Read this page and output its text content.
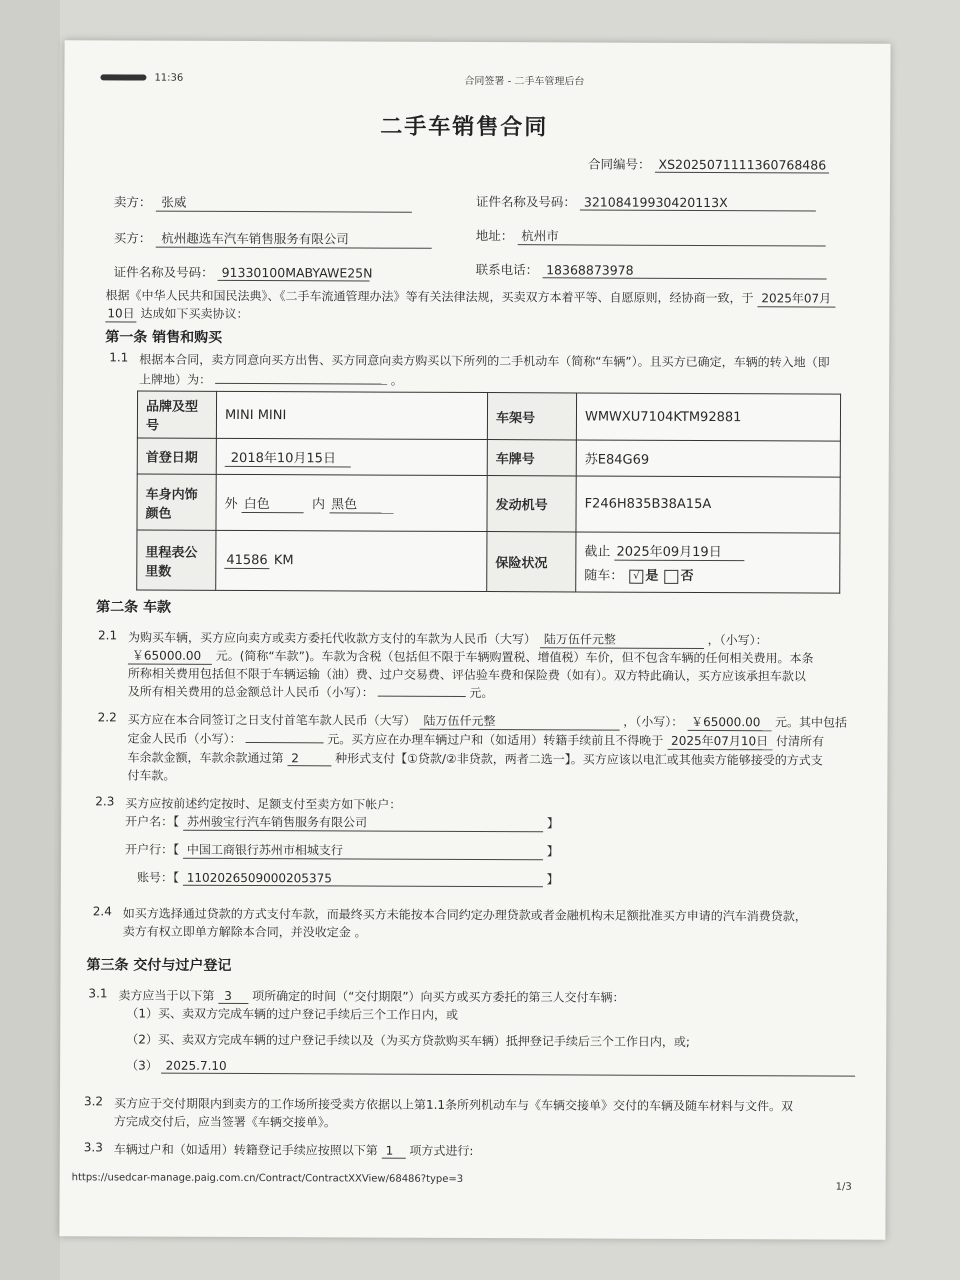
11:36	合同签署 - 二手车管理后台
二手车销售合同
合同编号： XS2025071111360768486
卖方： 张威	证件名称及号码： 32108419930420113X
买方： 杭州趣选车汽车销售服务有限公司	地址： 杭州市
证件名称及号码： 91330100MABYAWE25N	联系电话： 18368873978
根据《中华人民共和国民法典》、《二手车流通管理办法》等有关法律法规，买卖双方本着平等、自愿原则，经协商一致，于 2025年07月
10日 达成如下买卖协议：
第一条 销售和购买
1.1 根据本合同，卖方同意向买方出售、买方同意向卖方购买以下所列的二手机动车（简称“车辆”）。且买方已确定，车辆的转入地（即
上牌地）为：	。
品牌及型号	MINI MINI	车架号	WMWXU7104KTM92881
首登日期	2018年10月15日	车牌号	苏E84G69
车身内饰颜色	外 白色 内 黑色	发动机号	F246H835B38A15A
里程表公里数	41586 KM	保险状况	截止 2025年09月19日
随车： √ 是 否
第二条 车款
2.1 为购买车辆，买方应向卖方或卖方委托代收款方支付的车款为人民币（大写） 陆万伍仟元整	，（小写）：
￥65000.00 元。(简称“车款”)。车款为含税（包括但不限于车辆购置税、增值税）车价，但不包含车辆的任何相关费用。本条
所称相关费用包括但不限于车辆运输（油）费、过户交易费、评估验车费和保险费（如有）。双方特此确认，买方应该承担车款以
及所有相关费用的总金额总计人民币（小写）：	元。
2.2 买方应在本合同签订之日支付首笔车款人民币（大写） 陆万伍仟元整	，（小写）： ￥65000.00 元。其中包括
定金人民币（小写）：	元。买方应在办理车辆过户和（如适用）转籍手续前且不得晚于 2025年07月10日 付清所有
车余款金额，车款余款通过第 2	种形式支付【①贷款/②非贷款，两者二选一】。买方应该以电汇或其他卖方能够接受的方式支
付车款。
2.3 买方应按前述约定按时、足额支付至卖方如下帐户：
开户名：【 苏州骏宝行汽车销售服务有限公司	】
开户行：【 中国工商银行苏州市相城支行	】
账号：【 1102026509000205375	】
2.4 如买方选择通过贷款的方式支付车款，而最终买方未能按本合同约定办理贷款或者金融机构未足额批准买方申请的汽车消费贷款，
卖方有权立即单方解除本合同，并没收定金 。
第三条 交付与过户登记
3.1 卖方应当于以下第 3 项所确定的时间（“交付期限”）向买方或买方委托的第三人交付车辆：
（1）买、卖双方完成车辆的过户登记手续后三个工作日内，或
（2）买、卖双方完成车辆的过户登记手续以及（为买方贷款购买车辆）抵押登记手续后三个工作日内，或;
（3） 2025.7.10
3.2 买方应于交付期限内到卖方的工作场所接受卖方依据以上第1.1条所列机动车与《车辆交接单》交付的车辆及随车材料与文件。双
方完成交付后，应当签署《车辆交接单》。
3.3 车辆过户和（如适用）转籍登记手续应按照以下第 1 项方式进行:
https://usedcar-manage.paig.com.cn/Contract/ContractXXView/68486?type=3
1/3
